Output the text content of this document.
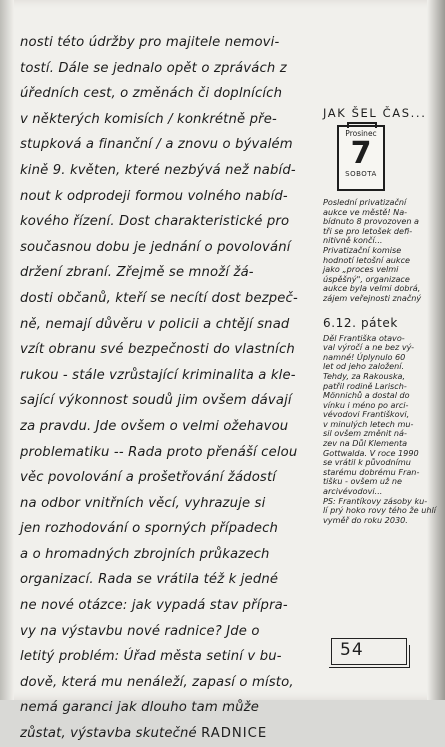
nosti této údržby pro majitele nemovi-
tostí. Dále se jednalo opět o zprávách z
úředních cest, o změnách či doplnících
v některých komisích / konkrétně pře-
stupková a finanční / a znovu o bývalém
kině 9. květen, které nezbývá než nabíd-
nout k odprodeji formou volného nabíd-
kového řízení. Dost charakteristické pro
současnou dobu je jednání o povolování
držení zbraní. Zřejmě se množí žá-
dosti občanů, kteří se necítí dost bezpeč-
ně, nemají důvěru v policii a chtějí snad
vzít obranu své bezpečnosti do vlastních
rukou - stále vzrůstající kriminalita a kle-
sající výkonnost soudů jim ovšem dávají
za pravdu. Jde ovšem o velmi ožehavou
problematiku -- Rada proto přenáší celou
věc povolování a prošetřování žádostí
na odbor vnitřních věcí, vyhrazuje si
jen rozhodování o sporných případech
a o hromadných zbrojních průkazech
organizací. Rada se vrátila též k jedné
ne nové otázce: jak vypadá stav přípra-
vy na výstavbu nové radnice? Jde o
letitý problém: Úřad města setiní v bu-
dově, která mu nenáleží, zapasí o místo,
nemá garanci jak dlouho tam může
zůstat, výstavba skutečné RADNICE
JAK ŠEL ČAS...
Prosinec
7
SOBOTA
Poslední privatizační
aukce ve městě! Na-
bídnuto 8 provozoven a
tři se pro letošek defi-
nitivně končí...
Privatizační komise
hodnotí letošní aukce
jako „proces velmi
úspěšný", organizace
aukce byla velmi dobrá,
zájem veřejnosti značný
6.12. pátek
Děl Františka otavo-
val výročí a ne bez vý-
namné! Úplynulo 60
let od jeho založení.
Tehdy, za Rakouska,
patřil rodině Larisch-
Mönnichů a dostal do
vínku i méno po arci-
vévodovi Františkovi,
v minulých letech mu-
sil ovšem změnit ná-
zev na Důl Klementa
Gottwalda. V roce 1990
se vrátil k původnímu
starému dobrému Fran-
tišku - ovšem už ne
arcivévodovi...
PS: Frantíkovy zásoby ku-
lí prý hoko rovy tého že uhlí
vyměř do roku 2030.
54
